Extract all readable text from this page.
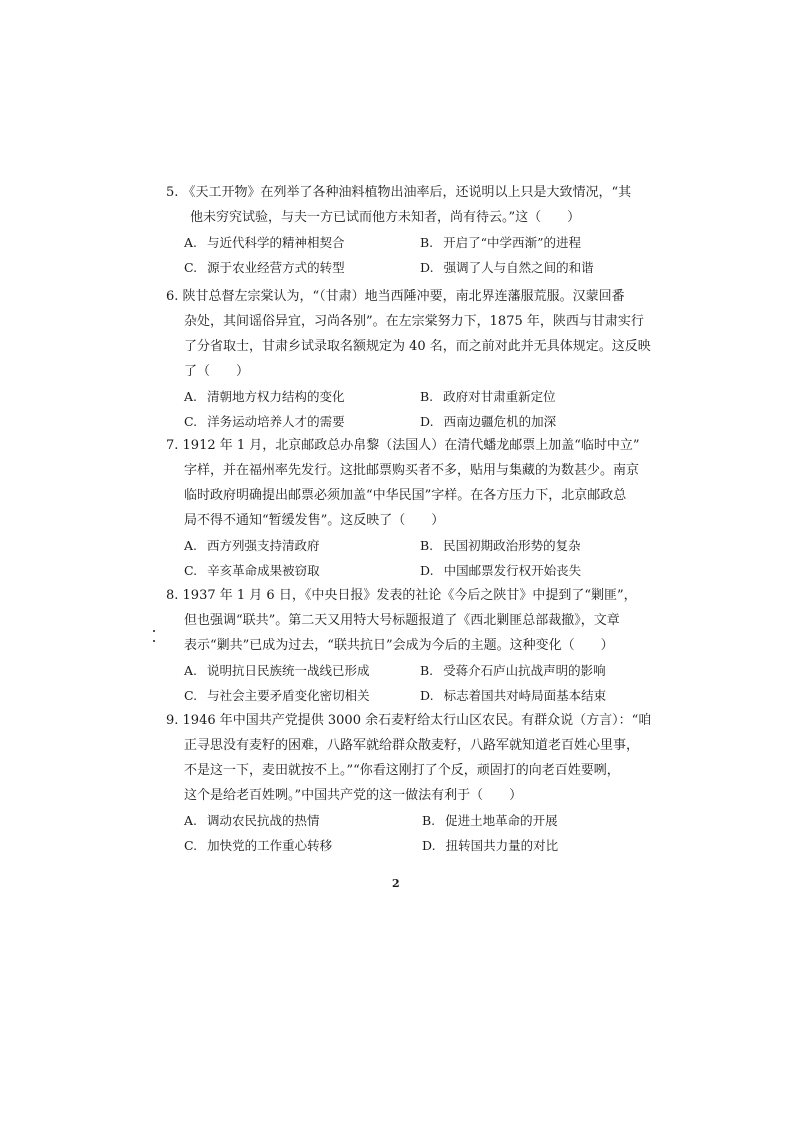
5. 《天工开物》在列举了各种油料植物出油率后，还说明以上只是大致情况，“其
他未穷究试验，与夫一方已试而他方未知者，尚有待云。”这（　　）
A. 与近代科学的精神相契合	B. 开启了“中学西渐”的进程
C. 源于农业经营方式的转型	D. 强调了人与自然之间的和谐
6. 陕甘总督左宗棠认为，“（甘肃）地当西陲冲要，南北界连藩服荒服。汉蒙回番
杂处，其间谣俗异宜，习尚各别”。在左宗棠努力下，1875 年，陕西与甘肃实行
了分省取士，甘肃乡试录取名额规定为 40 名，而之前对此并无具体规定。这反映
了（　　）
A. 清朝地方权力结构的变化	B. 政府对甘肃重新定位
C. 洋务运动培养人才的需要	D. 西南边疆危机的加深
7. 1912 年 1 月，北京邮政总办帛黎（法国人）在清代蟠龙邮票上加盖“临时中立”
字样，并在福州率先发行。这批邮票购买者不多，贴用与集藏的为数甚少。南京
临时政府明确提出邮票必须加盖“中华民国”字样。在各方压力下，北京邮政总
局不得不通知“暂缓发售”。这反映了（　　）
A. 西方列强支持清政府	B. 民国初期政治形势的复杂
C. 辛亥革命成果被窃取	D. 中国邮票发行权开始丧失
8. 1937 年 1 月 6 日，《中央日报》发表的社论《今后之陕甘》中提到了“剿匪”，
但也强调“联共”。第二天又用特大号标题报道了《西北剿匪总部裁撤》，文章
表示“剿共”已成为过去，“联共抗日”会成为今后的主题。这种变化（　　）
A. 说明抗日民族统一战线已形成	B. 受蒋介石庐山抗战声明的影响
C. 与社会主要矛盾变化密切相关	D. 标志着国共对峙局面基本结束
9. 1946 年中国共产党提供 3000 余石麦籽给太行山区农民。有群众说（方言）：“咱
正寻思没有麦籽的困难，八路军就给群众散麦籽，八路军就知道老百姓心里事，
不是这一下，麦田就按不上。”“你看这刚打了个反，顽固打的向老百姓要咧，
这个是给老百姓咧。”中国共产党的这一做法有利于（　　）
A. 调动农民抗战的热情	B. 促进土地革命的开展
C. 加快党的工作重心转移	D. 扭转国共力量的对比
2
